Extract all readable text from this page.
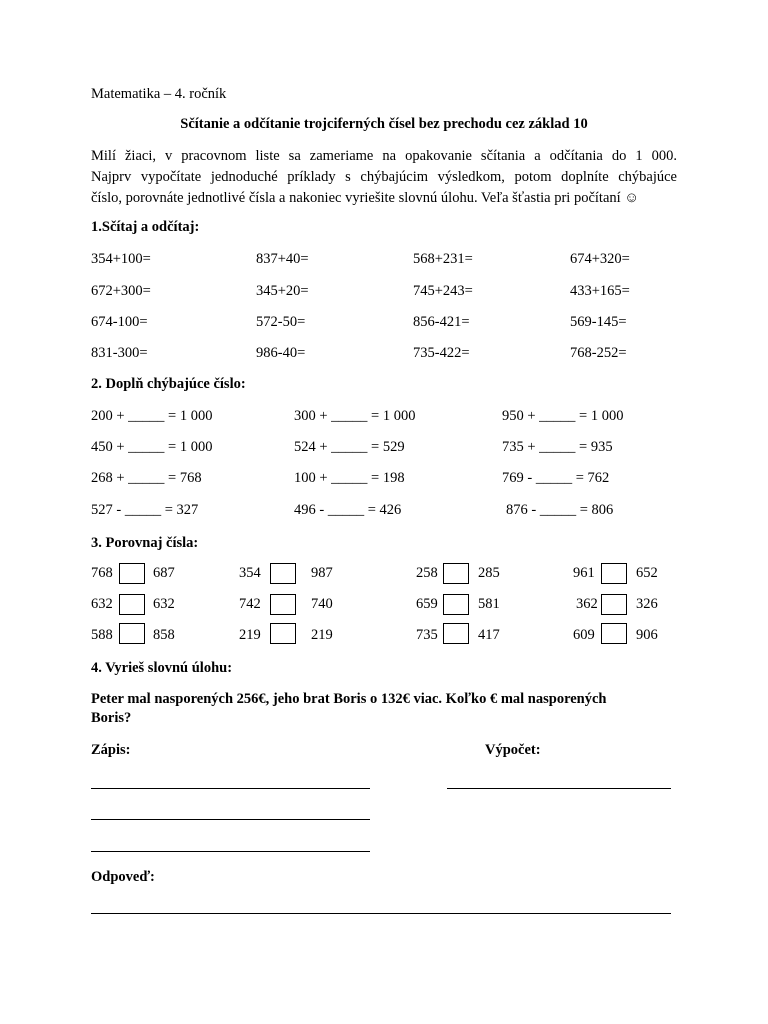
Matematika – 4. ročník
Sčítanie a odčítanie trojciferných čísel bez prechodu cez základ 10

Milí žiaci, v pracovnom liste sa zameriame na opakovanie sčítania a odčítania do 1 000.

Najprv vypočítate jednoduché príklady s chýbajúcim výsledkom, potom doplníte chýbajúce

číslo, porovnáte jednotlivé čísla a nakoniec vyriešite slovnú úlohu. Veľa šťastia pri počítaní ☺

1.Sčítaj a odčítaj:
354+100=	837+40=	568+231=	674+320=
672+300=	345+20=	745+243=	433+165=
674-100=	572-50=	856-421=	569-145=
831-300=	986-40=	735-422=	768-252=
2. Doplň chýbajúce číslo:
200 + _____ = 1 000	300 + _____ = 1 000	950 + _____ = 1 000
450 + _____ = 1 000	524 + _____ = 529	735 + _____ = 935
268 + _____ = 768	100 + _____ = 198	769 - _____ = 762
527 - _____ = 327	496 - _____ = 426	876 - _____ = 806
3. Porovnaj čísla:
768	687	354	987	258	285	961	652
632	632	742	740	659	581	362	326
588	858	219	219	735	417	609	906
4. Vyrieš slovnú úlohu:
Peter mal nasporených 256€, jeho brat Boris o 132€ viac. Koľko € mal nasporených
Boris?
Zápis:	Výpočet:
Odpoveď:
